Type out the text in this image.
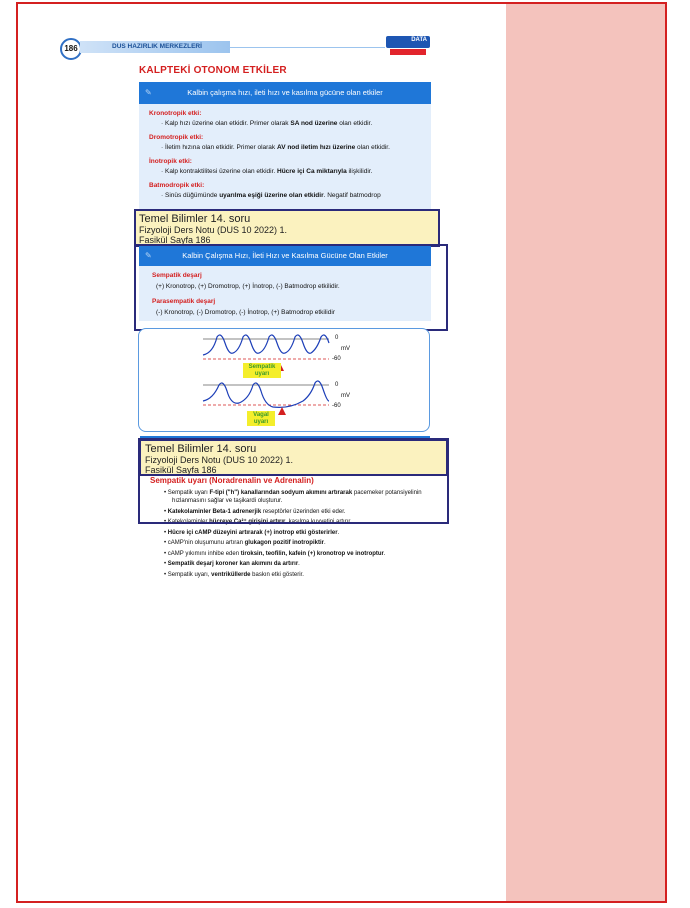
186	DUS HAZIRLIK MERKEZLERİ
DATA
KALPTEKİ OTONOM ETKİLER
✎	Kalbin çalışma hızı, ileti hızı ve kasılma gücüne olan etkiler
Kronotropik etki:
· Kalp hızı üzerine olan etkidir. Primer olarak SA nod üzerine olan etkidir.
Dromotropik etki:
· İletim hızına olan etkidir. Primer olarak AV nod iletim hızı üzerine olan etkidir.
İnotropik etki:
· Kalp kontraktilitesi üzerine olan etkidir. Hücre içi Ca miktarıyla ilişkilidir.
Batmodropik etki:
· Sinüs düğümünde uyarılma eşiği üzerine olan etkidir. Negatif batmodrop
Temel Bilimler 14. soru
Fizyoloji Ders Notu (DUS 10 2022) 1.
Fasikül Sayfa 186
✎	Kalbin Çalışma Hızı, İleti Hızı ve Kasılma Gücüne Olan Etkiler
Sempatik deşarj
(+) Kronotrop, (+) Dromotrop, (+) İnotrop, (-) Batmodrop etkilidir.
Parasempatik deşarj
(-) Kronotrop, (-) Dromotrop, (-) İnotrop, (+) Batmodrop etkilidir
0
mV
-60
0
mV
-60
Sempatik uyarı
Vagal uyarı
Temel Bilimler 14. soru
Fizyoloji Ders Notu (DUS 10 2022) 1.
Fasikül Sayfa 186
Sempatik uyarı (Noradrenalin ve Adrenalin)
• Sempatik uyarı F-tipi ("h") kanallarından sodyum akımını artırarak pacemeker potansiyelinin hızlanmasını sağlar ve taşikardi oluşturur.
• Katekolaminler Beta-1 adrenerjik reseptörler üzerinden etki eder.
• Katekolaminler hücreye Ca²⁺ girişini artırır, kasılma kuvvetini artırır.
• Hücre içi cAMP düzeyini artırarak (+) inotrop etki gösterirler.
• cAMP'nin oluşumunu artıran glukagon pozitif inotropiktir.
• cAMP yıkımını inhibe eden tiroksin, teofilin, kafein (+) kronotrop ve inotroptur.
• Sempatik deşarj koroner kan akımını da artırır.
• Sempatik uyarı, ventriküllerde baskın etki gösterir.
